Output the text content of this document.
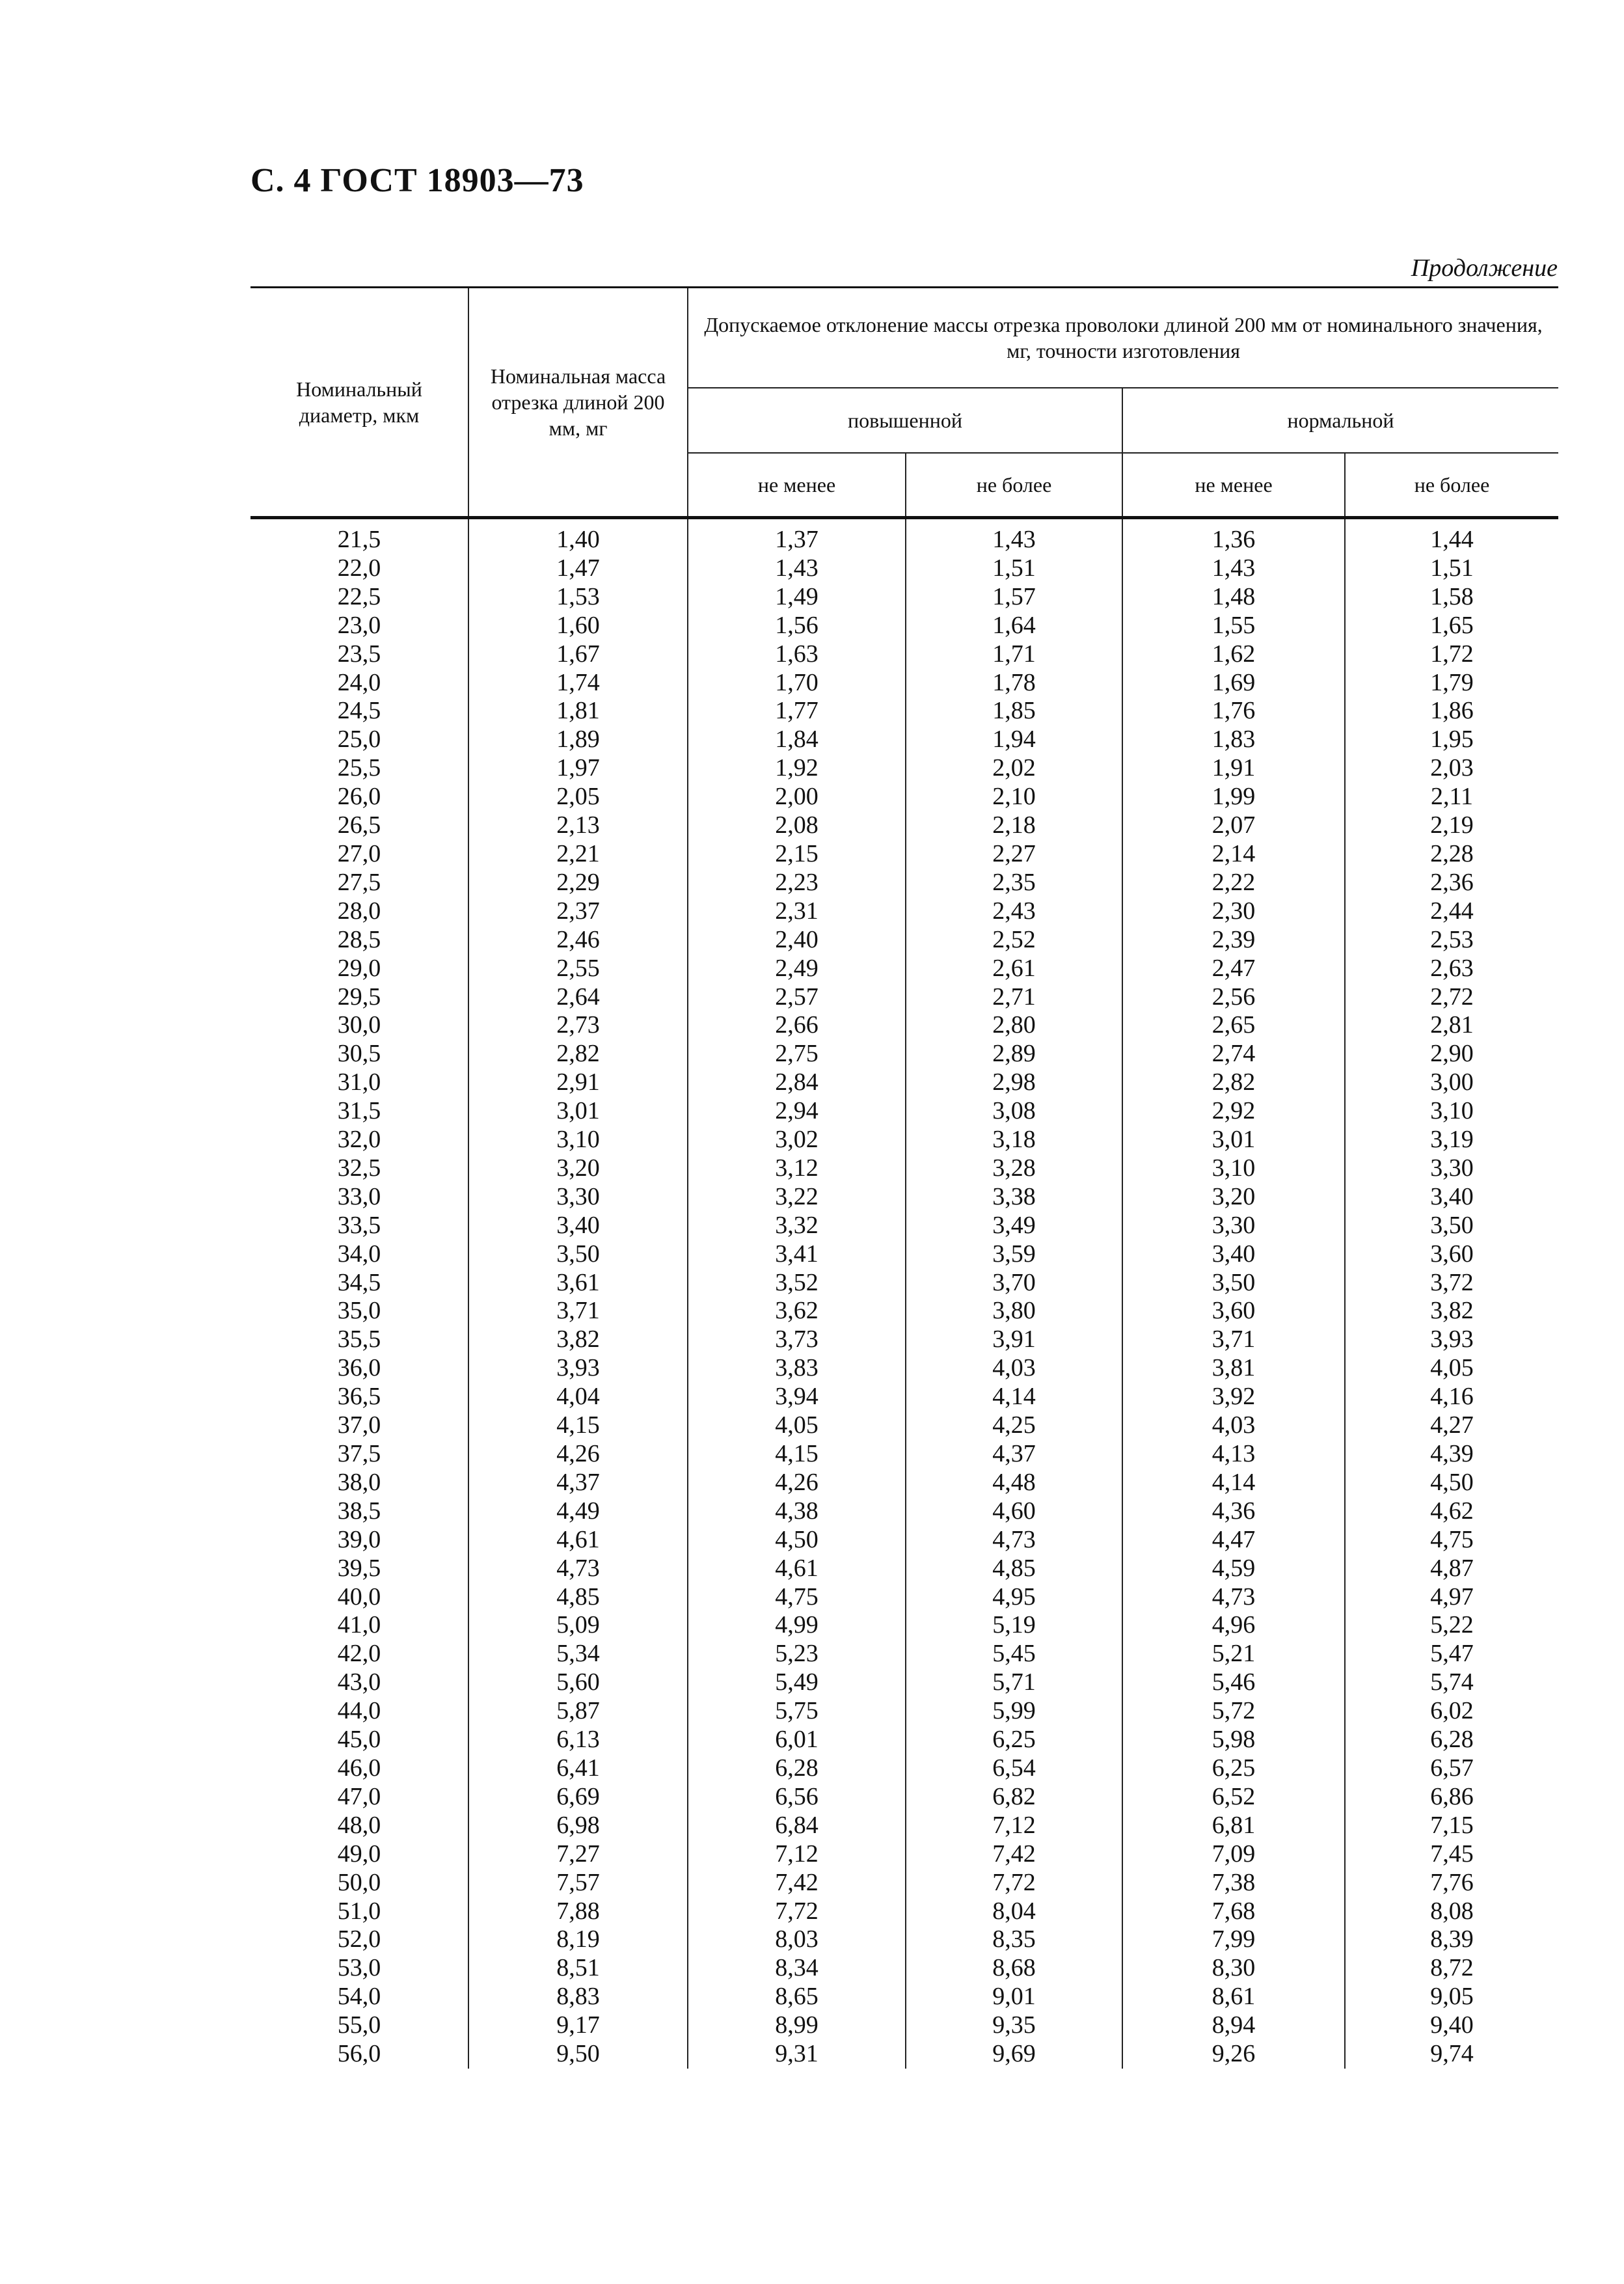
С. 4 ГОСТ 18903—73
Продолжение
Номинальный диаметр, мкм	Номинальная масса отрезка длиной 200 мм, мг	Допускаемое отклонение массы отрезка проволоки длиной 200 мм от номинального значения, мг, точности изготовления			
		повышенной		нормальной	
		не менее	не более	не менее	не более
21,5	1,40	1,37	1,43	1,36	1,44
22,0	1,47	1,43	1,51	1,43	1,51
22,5	1,53	1,49	1,57	1,48	1,58
23,0	1,60	1,56	1,64	1,55	1,65
23,5	1,67	1,63	1,71	1,62	1,72
24,0	1,74	1,70	1,78	1,69	1,79
24,5	1,81	1,77	1,85	1,76	1,86
25,0	1,89	1,84	1,94	1,83	1,95
25,5	1,97	1,92	2,02	1,91	2,03
26,0	2,05	2,00	2,10	1,99	2,11
26,5	2,13	2,08	2,18	2,07	2,19
27,0	2,21	2,15	2,27	2,14	2,28
27,5	2,29	2,23	2,35	2,22	2,36
28,0	2,37	2,31	2,43	2,30	2,44
28,5	2,46	2,40	2,52	2,39	2,53
29,0	2,55	2,49	2,61	2,47	2,63
29,5	2,64	2,57	2,71	2,56	2,72
30,0	2,73	2,66	2,80	2,65	2,81
30,5	2,82	2,75	2,89	2,74	2,90
31,0	2,91	2,84	2,98	2,82	3,00
31,5	3,01	2,94	3,08	2,92	3,10
32,0	3,10	3,02	3,18	3,01	3,19
32,5	3,20	3,12	3,28	3,10	3,30
33,0	3,30	3,22	3,38	3,20	3,40
33,5	3,40	3,32	3,49	3,30	3,50
34,0	3,50	3,41	3,59	3,40	3,60
34,5	3,61	3,52	3,70	3,50	3,72
35,0	3,71	3,62	3,80	3,60	3,82
35,5	3,82	3,73	3,91	3,71	3,93
36,0	3,93	3,83	4,03	3,81	4,05
36,5	4,04	3,94	4,14	3,92	4,16
37,0	4,15	4,05	4,25	4,03	4,27
37,5	4,26	4,15	4,37	4,13	4,39
38,0	4,37	4,26	4,48	4,14	4,50
38,5	4,49	4,38	4,60	4,36	4,62
39,0	4,61	4,50	4,73	4,47	4,75
39,5	4,73	4,61	4,85	4,59	4,87
40,0	4,85	4,75	4,95	4,73	4,97
41,0	5,09	4,99	5,19	4,96	5,22
42,0	5,34	5,23	5,45	5,21	5,47
43,0	5,60	5,49	5,71	5,46	5,74
44,0	5,87	5,75	5,99	5,72	6,02
45,0	6,13	6,01	6,25	5,98	6,28
46,0	6,41	6,28	6,54	6,25	6,57
47,0	6,69	6,56	6,82	6,52	6,86
48,0	6,98	6,84	7,12	6,81	7,15
49,0	7,27	7,12	7,42	7,09	7,45
50,0	7,57	7,42	7,72	7,38	7,76
51,0	7,88	7,72	8,04	7,68	8,08
52,0	8,19	8,03	8,35	7,99	8,39
53,0	8,51	8,34	8,68	8,30	8,72
54,0	8,83	8,65	9,01	8,61	9,05
55,0	9,17	8,99	9,35	8,94	9,40
56,0	9,50	9,31	9,69	9,26	9,74
